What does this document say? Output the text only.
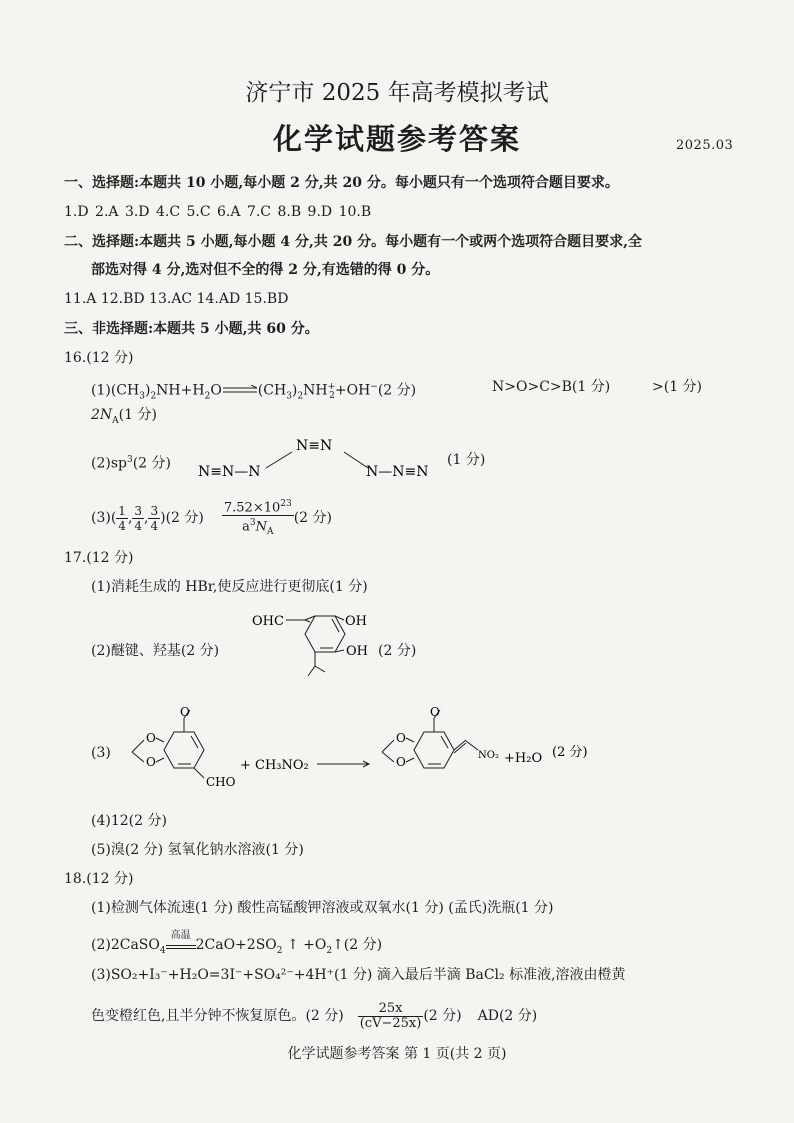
济宁市 2025 年高考模拟考试
化学试题参考答案	2025.03
一、选择题:本题共 10 小题,每小题 2 分,共 20 分。每小题只有一个选项符合题目要求。
1.D 2.A 3.D 4.C 5.C 6.A 7.C 8.B 9.D 10.B
二、选择题:本题共 5 小题,每小题 4 分,共 20 分。每小题有一个或两个选项符合题目要求,全
部选对得 4 分,选对但不全的得 2 分,有选错的得 0 分。
11.A 12.BD 13.AC 14.AD 15.BD
三、非选择题:本题共 5 小题,共 60 分。
16.(12 分)
$(1)(CH_3)_2NH+H_2O$	$(CH_3)_2NH^+_2+OH^-(2$ 分)	N>O>C>B(1 分)	>(1 分)
$2N_A(1$ 分)
$(2)sp^3(2$ 分)
N≡N—N
N≡N
N—N≡N
(1 分)
$(3)( \frac{1}{4}$ , $\frac{3}{4}$ , $\frac{3}{4} )(2$ 分) $\frac{7.52\times 10^{23}}{a^3N_A} (2$ 分)
17.(12 分)
(1)消耗生成的 HBr,使反应进行更彻底(1 分)
(2)醚键、羟基(2 分)
OHC	OH
OH (2 分)
(3)
O
O
O
CHO
+ CH₃NO₂
O
O
O	NO₂ +H₂O (2 分)
(4)12(2 分)
(5)溴(2 分) 氢氧化钠水溶液(1 分)
18.(12 分)
(1)检测气体流速(1 分) 酸性高锰酸钾溶液或双氧水(1 分) (孟氏)洗瓶(1 分)
(2)2CaSO$_4$
高温
$2CaO+2SO_2$ ↑ $+O_2↑(2$ 分)
(3)SO₂+I₃⁻+H₂O=3I⁻+SO₄²⁻+4H⁺(1 分) 滴入最后半滴 BaCl₂ 标准液,溶液由橙黄
色变橙红色,且半分钟不恢复原色。(2 分) $\frac{25x}{(cV-25x)} (2$ 分) AD(2 分)
化学试题参考答案 第 1 页(共 2 页)
